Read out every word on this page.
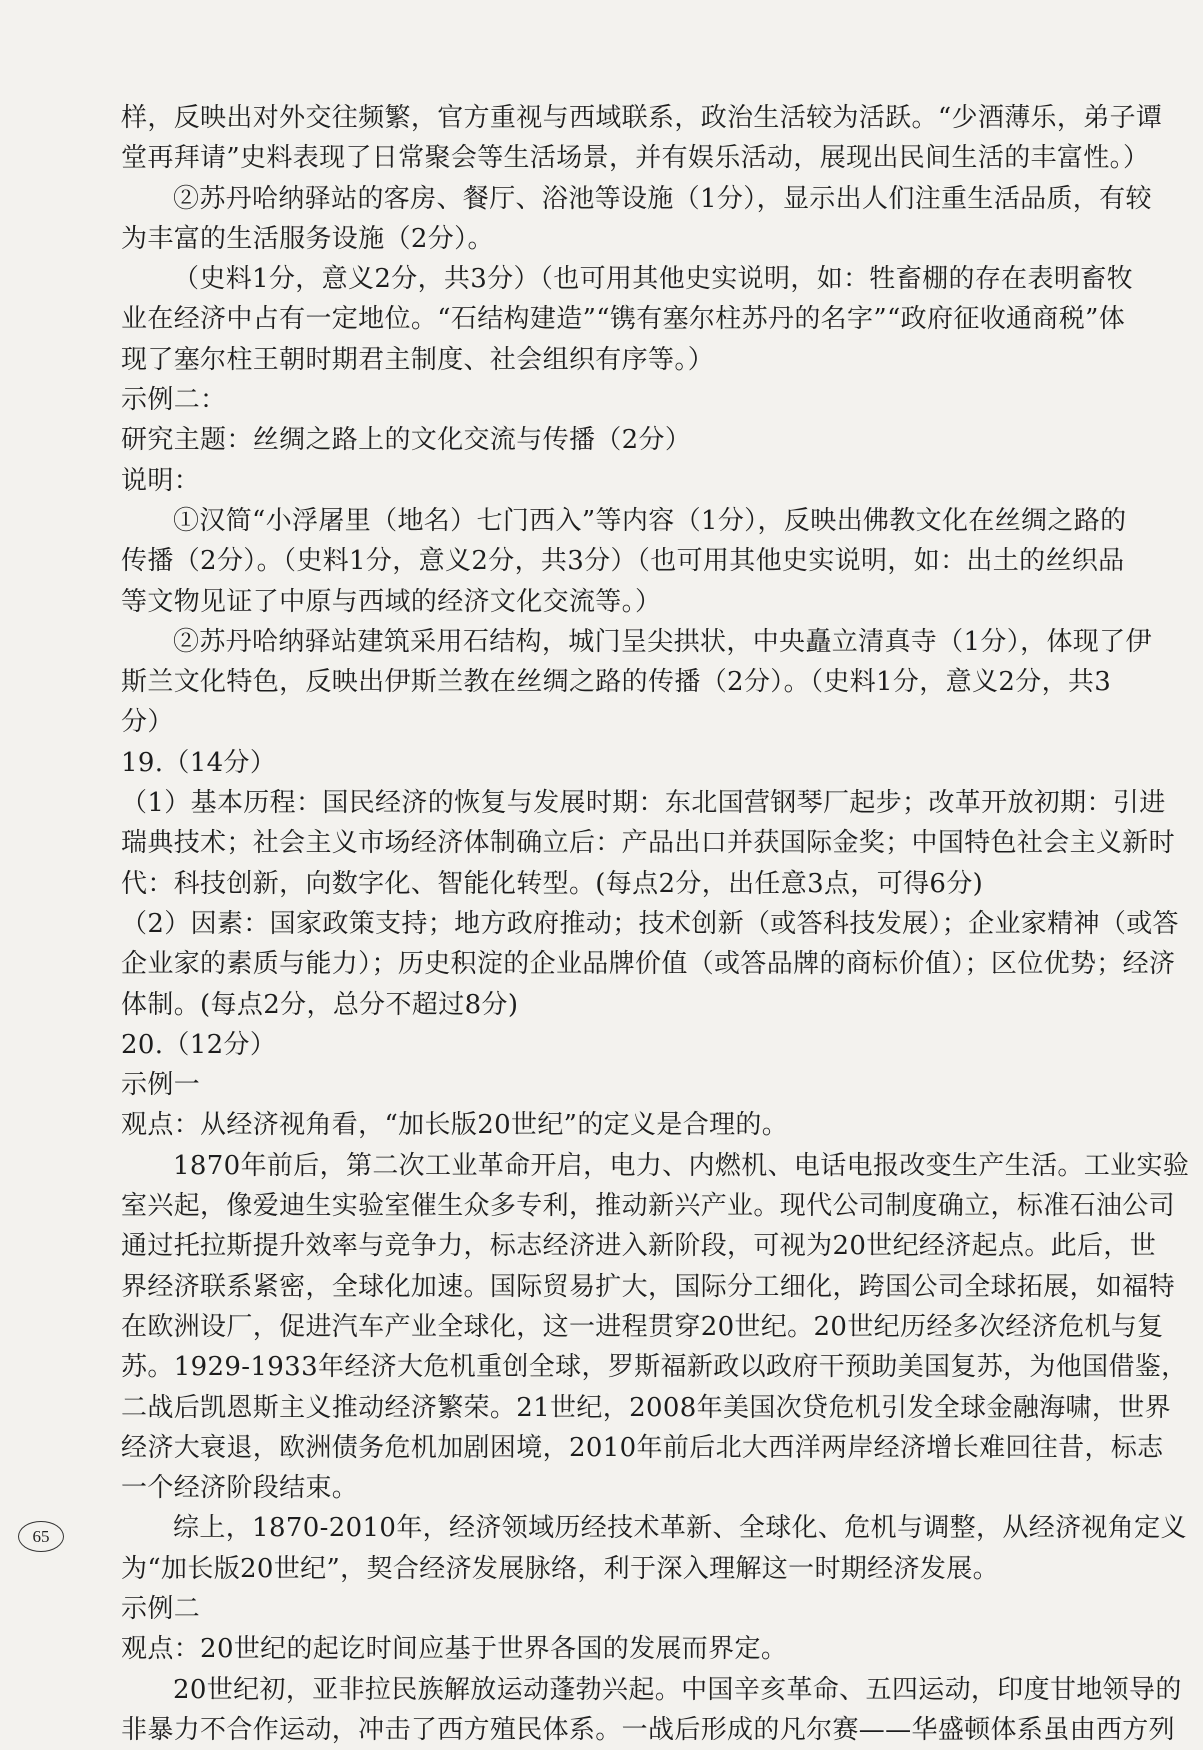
样，反映出对外交往频繁，官方重视与西域联系，政治生活较为活跃。“少酒薄乐，弟子谭
堂再拜请”史料表现了日常聚会等生活场景，并有娱乐活动，展现出民间生活的丰富性。）
②苏丹哈纳驿站的客房、餐厅、浴池等设施（1分），显示出人们注重生活品质，有较
为丰富的生活服务设施（2分）。
（史料1分，意义2分，共3分）（也可用其他史实说明，如：牲畜棚的存在表明畜牧
业在经济中占有一定地位。“石结构建造”“镌有塞尔柱苏丹的名字”“政府征收通商税”体
现了塞尔柱王朝时期君主制度、社会组织有序等。）
示例二：
研究主题：丝绸之路上的文化交流与传播（2分）
说明：
①汉简“小浮屠里（地名）七门西入”等内容（1分），反映出佛教文化在丝绸之路的
传播（2分）。（史料1分，意义2分，共3分）（也可用其他史实说明，如：出土的丝织品
等文物见证了中原与西域的经济文化交流等。）
②苏丹哈纳驿站建筑采用石结构，城门呈尖拱状，中央矗立清真寺（1分），体现了伊
斯兰文化特色，反映出伊斯兰教在丝绸之路的传播（2分）。（史料1分，意义2分，共3
分）
19.（14分）
（1）基本历程：国民经济的恢复与发展时期：东北国营钢琴厂起步；改革开放初期：引进
瑞典技术；社会主义市场经济体制确立后：产品出口并获国际金奖；中国特色社会主义新时
代：科技创新，向数字化、智能化转型。(每点2分，出任意3点，可得6分)
（2）因素：国家政策支持；地方政府推动；技术创新（或答科技发展）；企业家精神（或答
企业家的素质与能力）；历史积淀的企业品牌价值（或答品牌的商标价值）；区位优势；经济
体制。(每点2分，总分不超过8分)
20.（12分）
示例一
观点：从经济视角看，“加长版20世纪”的定义是合理的。
1870年前后，第二次工业革命开启，电力、内燃机、电话电报改变生产生活。工业实验
室兴起，像爱迪生实验室催生众多专利，推动新兴产业。现代公司制度确立，标准石油公司
通过托拉斯提升效率与竞争力，标志经济进入新阶段，可视为20世纪经济起点。此后，世
界经济联系紧密，全球化加速。国际贸易扩大，国际分工细化，跨国公司全球拓展，如福特
在欧洲设厂，促进汽车产业全球化，这一进程贯穿20世纪。20世纪历经多次经济危机与复
苏。1929-1933年经济大危机重创全球，罗斯福新政以政府干预助美国复苏，为他国借鉴，
二战后凯恩斯主义推动经济繁荣。21世纪，2008年美国次贷危机引发全球金融海啸，世界
经济大衰退，欧洲债务危机加剧困境，2010年前后北大西洋两岸经济增长难回往昔，标志
一个经济阶段结束。
综上，1870-2010年，经济领域历经技术革新、全球化、危机与调整，从经济视角定义
为“加长版20世纪”，契合经济发展脉络，利于深入理解这一时期经济发展。
示例二
观点：20世纪的起讫时间应基于世界各国的发展而界定。
20世纪初，亚非拉民族解放运动蓬勃兴起。中国辛亥革命、五四运动，印度甘地领导的
非暴力不合作运动，冲击了西方殖民体系。一战后形成的凡尔赛——华盛顿体系虽由西方列
65
